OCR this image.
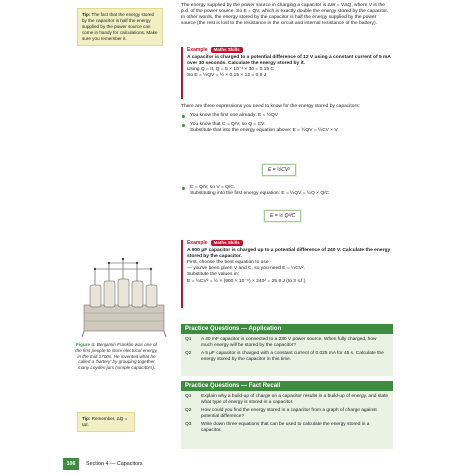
Tip: The fact that the energy stored by the capacitor is half the energy supplied by the power source can come in handy for calculations. Make sure you remember it.

The energy supplied by the power source in charging a capacitor is ΔW = VΔQ, where V is the p.d. of the power source. So E = QV, which is exactly double the energy stored by the capacitor. In other words, the energy stored by the capacitor is half the energy supplied by the power source (the rest is lost to the resistance in the circuit and internal resistance of the battery).

Example	Maths Skills
A capacitor is charged to a potential difference of 12 V using a constant current of 5 mA over 30 seconds. Calculate the energy stored by it.
Using Q = It, Q = 5 × 10⁻³ × 30 = 0.15 C
So E = ½QV = ½ × 0.15 × 12 = 0.9 J

There are three expressions you need to know for the energy stored by capacitors:

You know the first one already: E = ½QV
You know that C = Q/V, so Q = CV.
Substitute that into the energy equation above: E = ½QV = ½CV × V
E = ½CV²
C = Q/V, so V = Q/C.
Substituting into the first energy equation: E = ½QV = ½Q × Q/C
E = ½ Q²/C
Example	Maths Skills
A 900 μF capacitor is charged up to a potential difference of 240 V. Calculate the energy stored by the capacitor.
First, choose the best equation to use
— you've been given V and C, so you need E = ½CV².
Substitute the values in:
E = ½CV² = ½ × (900 × 10⁻⁶) × 240² = 25.9 J (to 3 s.f.)
Figure 4: Benjamin Franklin was one of the first people to store electrical energy, in the mid 1700s. He invented what he called a 'battery' by grouping together many Leyden jars (simple capacitors).
Tip: Remember, ΔQ = IΔt.
Practice Questions — Application
Q1	A 40 mF capacitor is connected to a 230 V power source. When fully charged, how much energy will be stored by the capacitor?
Q2	A 5 μF capacitor is charged with a constant current of 0.025 mA for 45 s. Calculate the energy stored by the capacitor in this time.
Practice Questions — Fact Recall
Q1	Explain why a build-up of charge on a capacitor results in a build-up of energy, and state what type of energy is stored in a capacitor.
Q2	How could you find the energy stored in a capacitor from a graph of charge against potential difference?
Q3	Write down three equations that can be used to calculate the energy stored in a capacitor.
106	Section 4 — Capacitors
